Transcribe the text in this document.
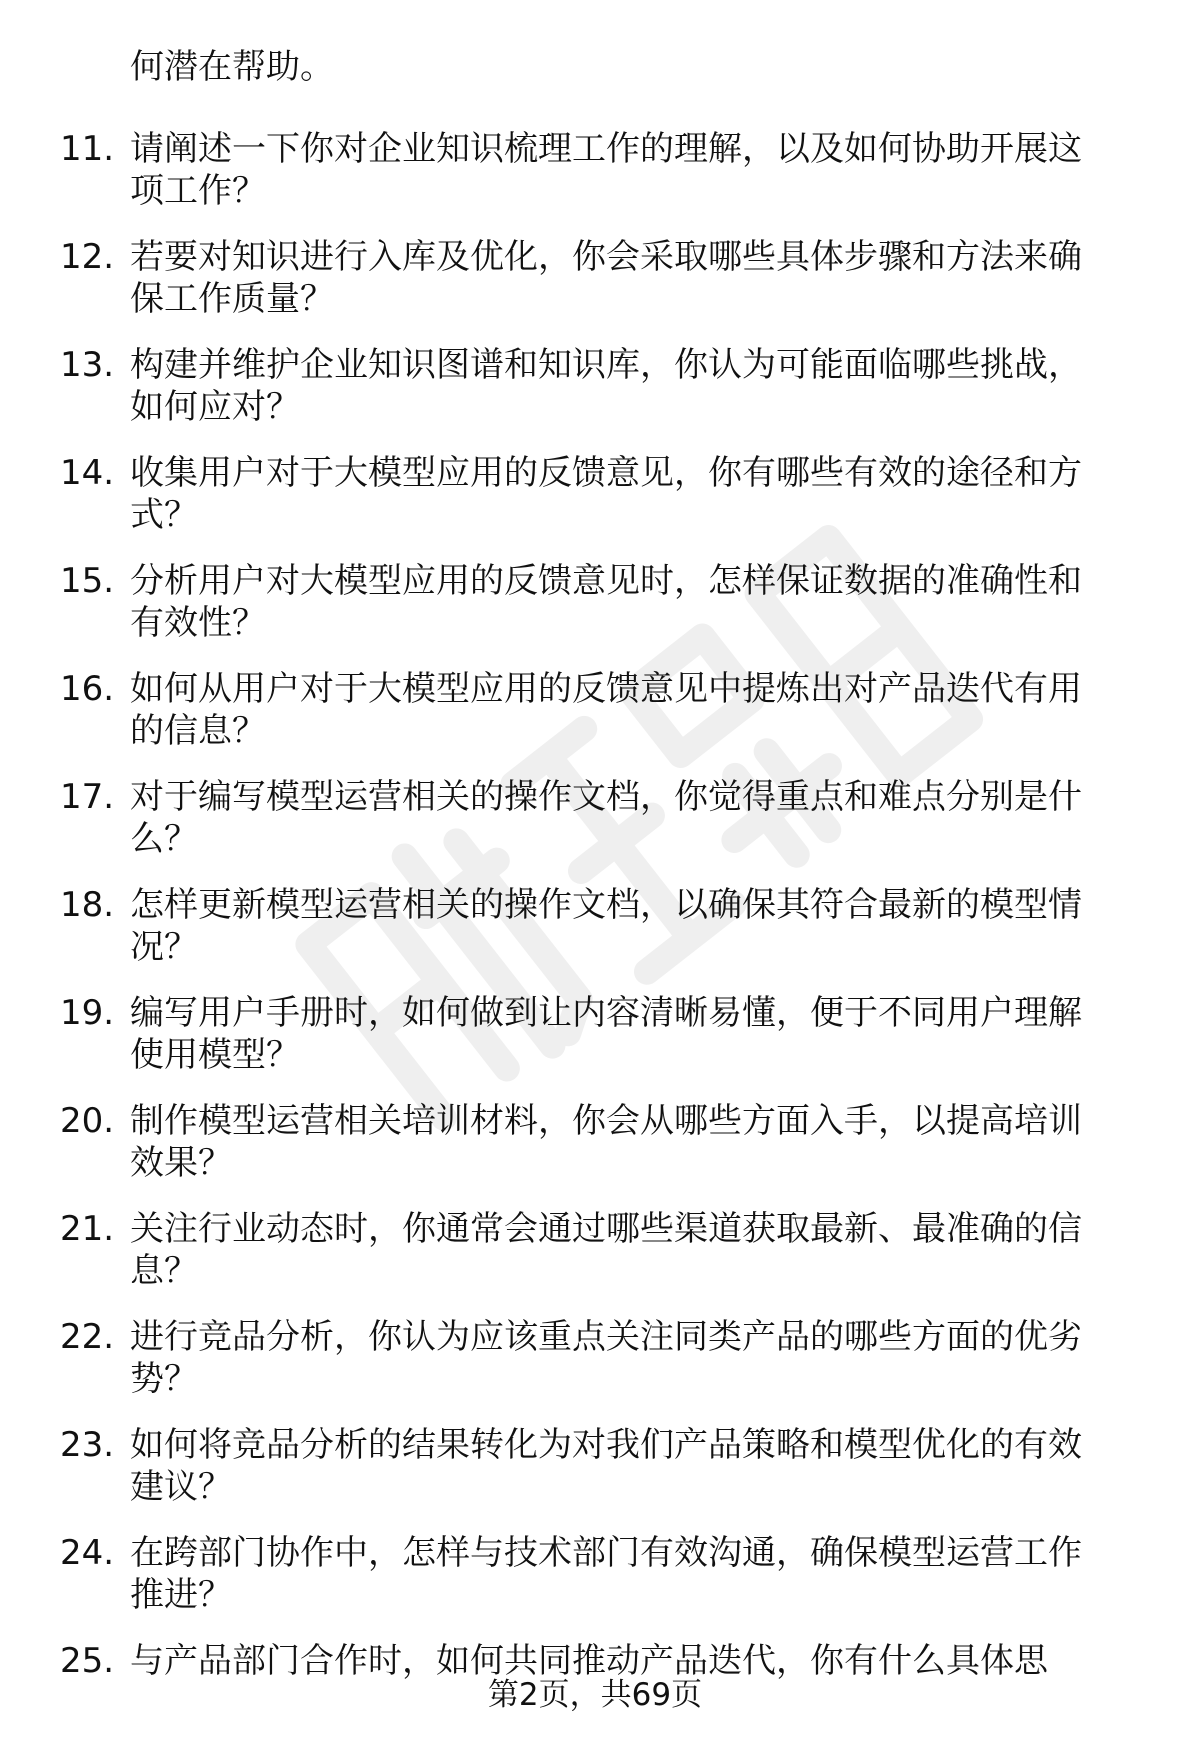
何潜在帮助。
11. 请阐述一下你对企业知识梳理工作的理解，以及如何协助开展这
项工作？
12. 若要对知识进行入库及优化，你会采取哪些具体步骤和方法来确
保工作质量？
13. 构建并维护企业知识图谱和知识库，你认为可能面临哪些挑战，
如何应对？
14. 收集用户对于大模型应用的反馈意见，你有哪些有效的途径和方
式？
15. 分析用户对大模型应用的反馈意见时，怎样保证数据的准确性和
有效性？
16. 如何从用户对于大模型应用的反馈意见中提炼出对产品迭代有用
的信息？
17. 对于编写模型运营相关的操作文档，你觉得重点和难点分别是什
么？
18. 怎样更新模型运营相关的操作文档，以确保其符合最新的模型情
况？
19. 编写用户手册时，如何做到让内容清晰易懂，便于不同用户理解
使用模型？
20. 制作模型运营相关培训材料，你会从哪些方面入手，以提高培训
效果？
21. 关注行业动态时，你通常会通过哪些渠道获取最新、最准确的信
息？
22. 进行竞品分析，你认为应该重点关注同类产品的哪些方面的优劣
势？
23. 如何将竞品分析的结果转化为对我们产品策略和模型优化的有效
建议？
24. 在跨部门协作中，怎样与技术部门有效沟通，确保模型运营工作
推进？
25. 与产品部门合作时，如何共同推动产品迭代，你有什么具体思
第2页，共69页
